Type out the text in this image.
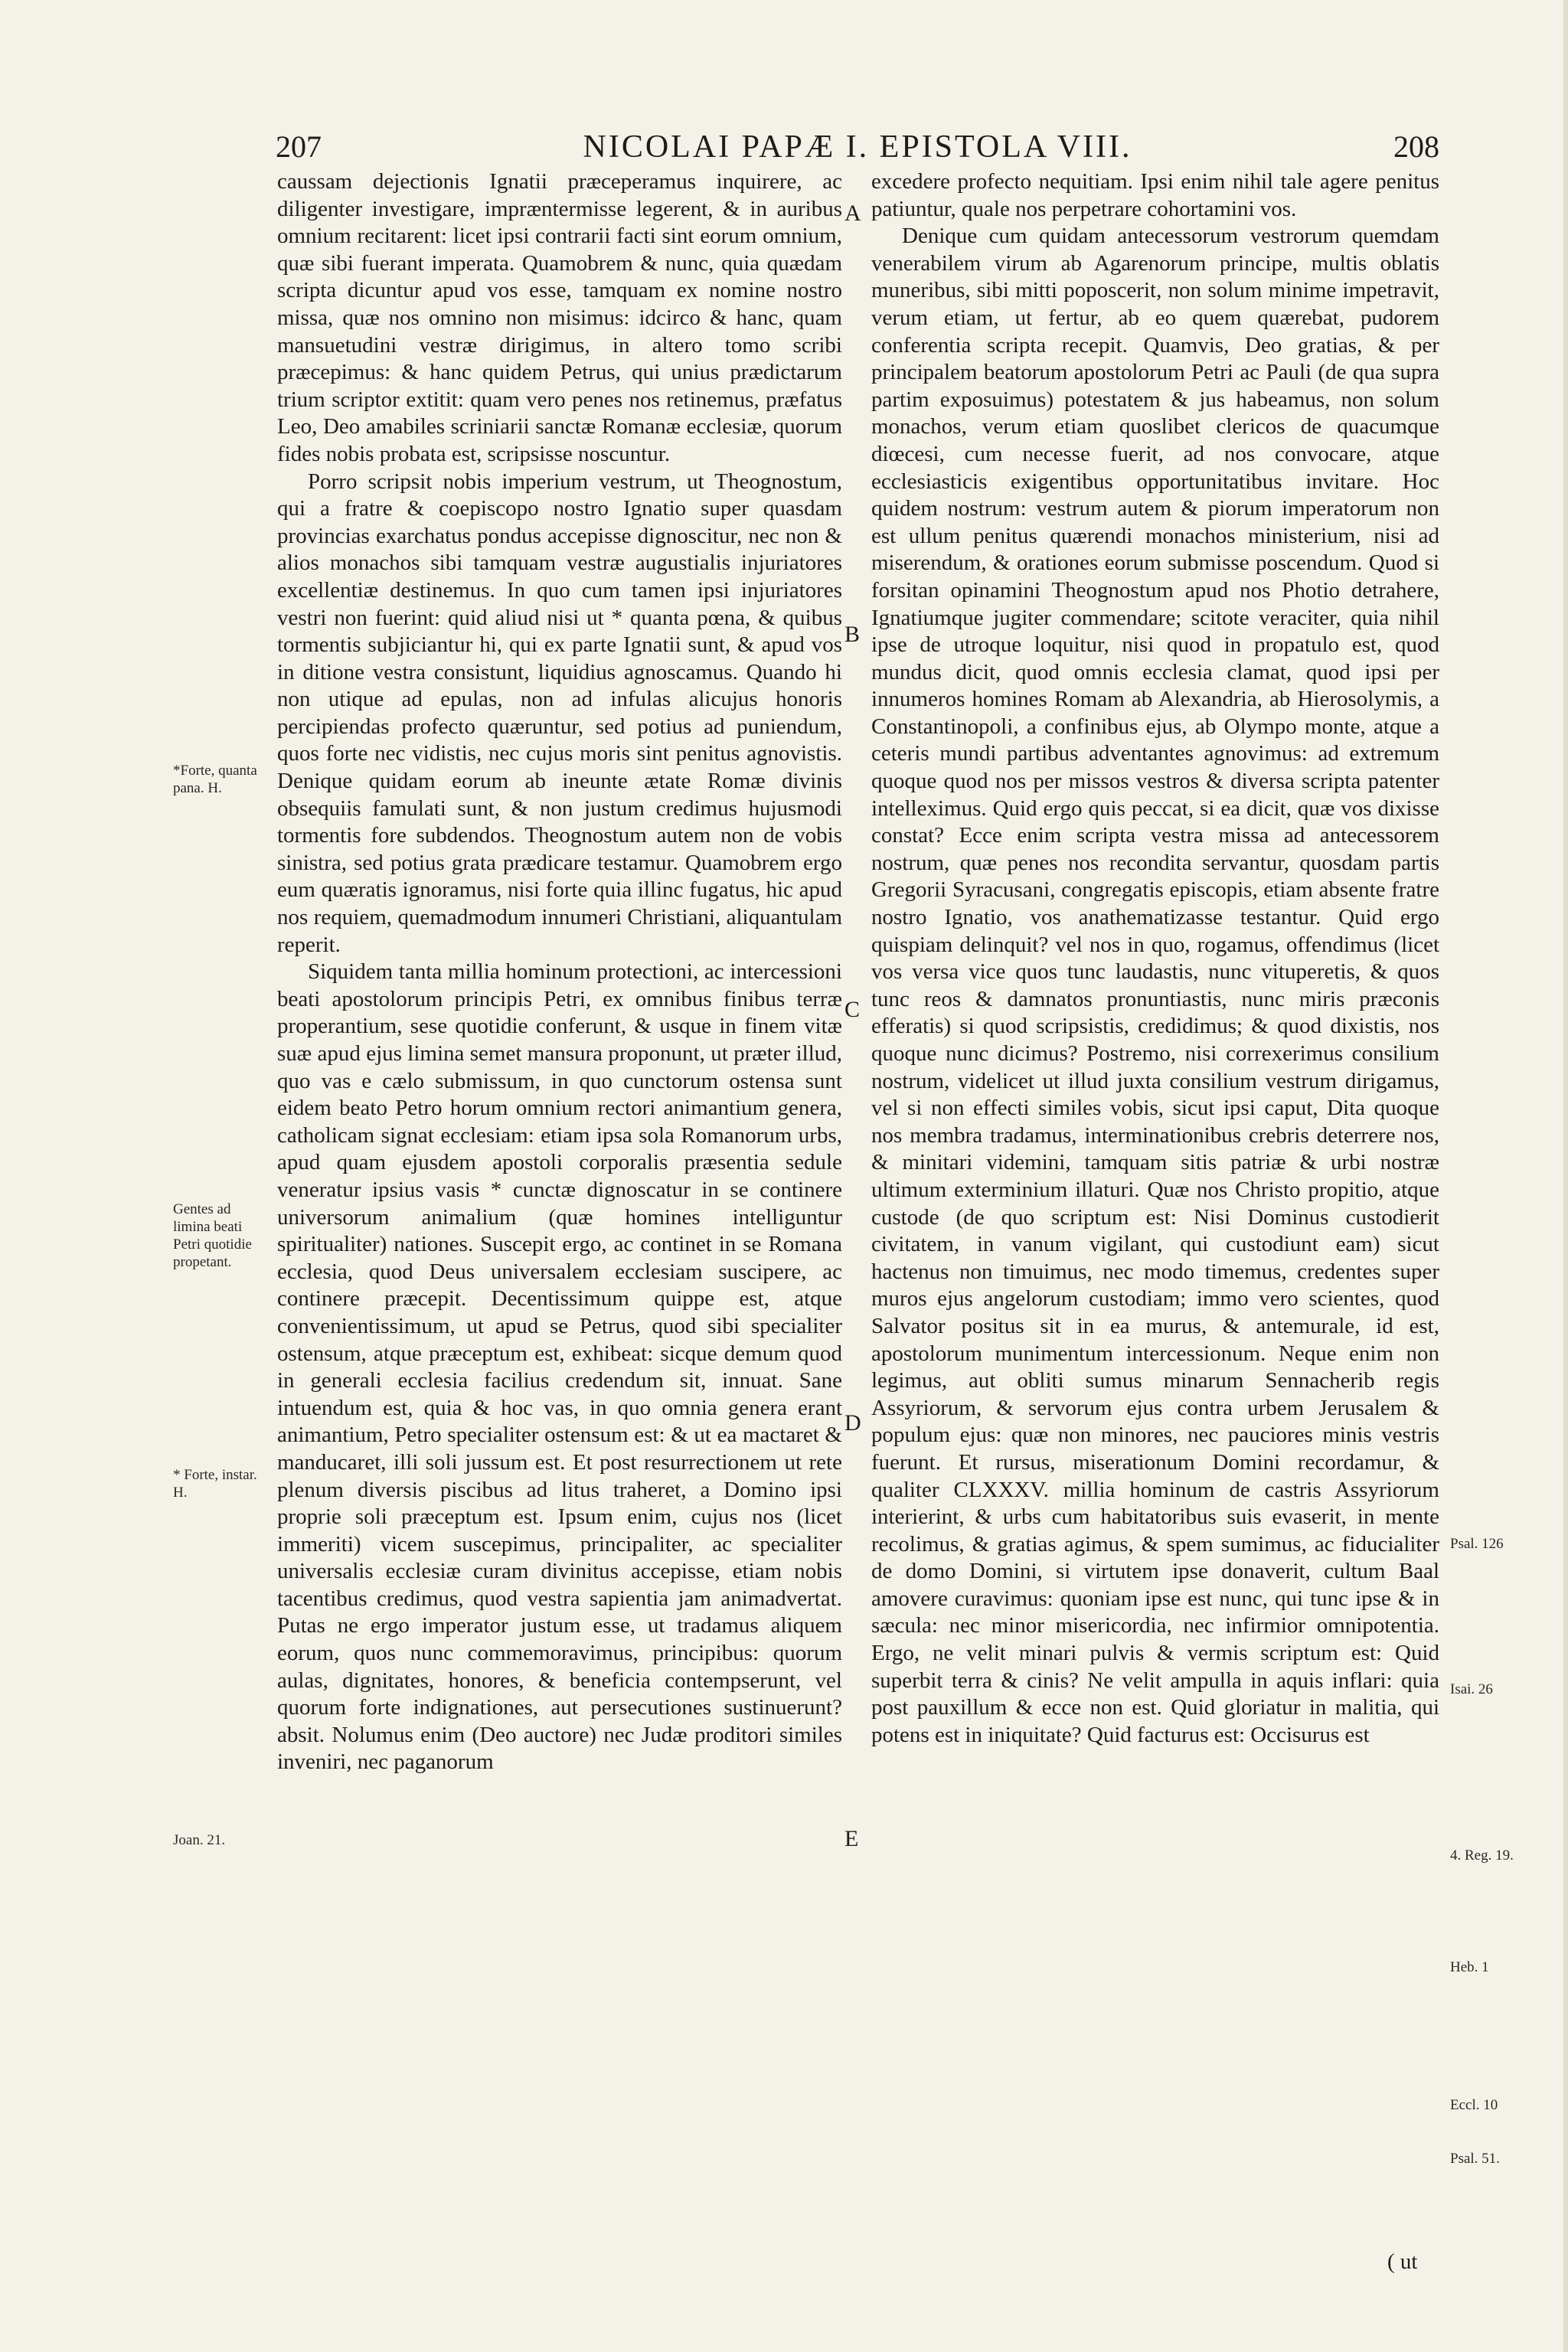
207	NICOLAI PAPÆ I. EPISTOLA VIII.	208

caussam dejectionis Ignatii præceperamus inquirere, ac diligenter investigare, impræntermisse legerent, & in auribus omnium recitarent: licet ipsi contrarii facti sint eorum omnium, quæ sibi fuerant imperata. Quamobrem & nunc, quia quædam scripta dicuntur apud vos esse, tamquam ex nomine nostro missa, quæ nos omnino non misimus: idcirco & hanc, quam mansuetudini vestræ dirigimus, in altero tomo scribi præcepimus: & hanc quidem Petrus, qui unius prædictarum trium scriptor extitit: quam vero penes nos retinemus, præfatus Leo, Deo amabiles scriniarii sanctæ Romanæ ecclesiæ, quorum fides nobis probata est, scripsisse noscuntur.

Porro scripsit nobis imperium vestrum, ut Theognostum, qui a fratre & coepiscopo nostro Ignatio super quasdam provincias exarchatus pondus accepisse dignoscitur, nec non & alios monachos sibi tamquam vestræ augustialis injuriatores excellentiæ destinemus. In quo cum tamen ipsi injuriatores vestri non fuerint: quid aliud nisi ut * quanta pœna, & quibus tormentis subjiciantur hi, qui ex parte Ignatii sunt, & apud vos in ditione vestra consistunt, liquidius agnoscamus. Quando hi non utique ad epulas, non ad infulas alicujus honoris percipiendas profecto quæruntur, sed potius ad puniendum, quos forte nec vidistis, nec cujus moris sint penitus agnovistis. Denique quidam eorum ab ineunte ætate Romæ divinis obsequiis famulati sunt, & non justum credimus hujusmodi tormentis fore subdendos. Theognostum autem non de vobis sinistra, sed potius grata prædicare testamur. Quamobrem ergo eum quæratis ignoramus, nisi forte quia illinc fugatus, hic apud nos requiem, quemadmodum innumeri Christiani, aliquantulam reperit.

Siquidem tanta millia hominum protectioni, ac intercessioni beati apostolorum principis Petri, ex omnibus finibus terræ properantium, sese quotidie conferunt, & usque in finem vitæ suæ apud ejus limina semet mansura proponunt, ut præter illud, quo vas e cælo submissum, in quo cunctorum ostensa sunt eidem beato Petro horum omnium rectori animantium genera, catholicam signat ecclesiam: etiam ipsa sola Romanorum urbs, apud quam ejusdem apostoli corporalis præsentia sedule veneratur ipsius vasis * cunctæ dignoscatur in se continere universorum animalium (quæ homines intelliguntur spiritualiter) nationes. Suscepit ergo, ac continet in se Romana ecclesia, quod Deus universalem ecclesiam suscipere, ac continere præcepit. Decentissimum quippe est, atque convenientissimum, ut apud se Petrus, quod sibi specialiter ostensum, atque præceptum est, exhibeat: sicque demum quod in generali ecclesia facilius credendum sit, innuat. Sane intuendum est, quia & hoc vas, in quo omnia genera erant animantium, Petro specialiter ostensum est: & ut ea mactaret & manducaret, illi soli jussum est. Et post resurrectionem ut rete plenum diversis piscibus ad litus traheret, a Domino ipsi proprie soli præceptum est. Ipsum enim, cujus nos (licet immeriti) vicem suscepimus, principaliter, ac specialiter universalis ecclesiæ curam divinitus accepisse, etiam nobis tacentibus credimus, quod vestra sapientia jam animadvertat. Putas ne ergo imperator justum esse, ut tradamus aliquem eorum, quos nunc commemoravimus, principibus: quorum aulas, dignitates, honores, & beneficia contempserunt, vel quorum forte indignationes, aut persecutiones sustinuerunt? absit. Nolumus enim (Deo auctore) nec Judæ proditori similes inveniri, nec paganorum

excedere profecto nequitiam. Ipsi enim nihil tale agere penitus patiuntur, quale nos perpetrare cohortamini vos.

Denique cum quidam antecessorum vestrorum quemdam venerabilem virum ab Agarenorum principe, multis oblatis muneribus, sibi mitti poposcerit, non solum minime impetravit, verum etiam, ut fertur, ab eo quem quærebat, pudorem conferentia scripta recepit. Quamvis, Deo gratias, & per principalem beatorum apostolorum Petri ac Pauli (de qua supra partim exposuimus) potestatem & jus habeamus, non solum monachos, verum etiam quoslibet clericos de quacumque diœcesi, cum necesse fuerit, ad nos convocare, atque ecclesiasticis exigentibus opportunitatibus invitare. Hoc quidem nostrum: vestrum autem & piorum imperatorum non est ullum penitus quærendi monachos ministerium, nisi ad miserendum, & orationes eorum submisse poscendum. Quod si forsitan opinamini Theognostum apud nos Photio detrahere, Ignatiumque jugiter commendare; scitote veraciter, quia nihil ipse de utroque loquitur, nisi quod in propatulo est, quod mundus dicit, quod omnis ecclesia clamat, quod ipsi per innumeros homines Romam ab Alexandria, ab Hierosolymis, a Constantinopoli, a confinibus ejus, ab Olympo monte, atque a ceteris mundi partibus adventantes agnovimus: ad extremum quoque quod nos per missos vestros & diversa scripta patenter intelleximus. Quid ergo quis peccat, si ea dicit, quæ vos dixisse constat? Ecce enim scripta vestra missa ad antecessorem nostrum, quæ penes nos recondita servantur, quosdam partis Gregorii Syracusani, congregatis episcopis, etiam absente fratre nostro Ignatio, vos anathematizasse testantur. Quid ergo quispiam delinquit? vel nos in quo, rogamus, offendimus (licet vos versa vice quos tunc laudastis, nunc vituperetis, & quos tunc reos & damnatos pronuntiastis, nunc miris præconis efferatis) si quod scripsistis, credidimus; & quod dixistis, nos quoque nunc dicimus? Postremo, nisi correxerimus consilium nostrum, videlicet ut illud juxta consilium vestrum dirigamus, vel si non effecti similes vobis, sicut ipsi caput, Dita quoque nos membra tradamus, interminationibus crebris deterrere nos, & minitari videmini, tamquam sitis patriæ & urbi nostræ ultimum exterminium illaturi. Quæ nos Christo propitio, atque custode (de quo scriptum est: Nisi Dominus custodierit civitatem, in vanum vigilant, qui custodiunt eam) sicut hactenus non timuimus, nec modo timemus, credentes super muros ejus angelorum custodiam; immo vero scientes, quod Salvator positus sit in ea murus, & antemurale, id est, apostolorum munimentum intercessionum. Neque enim non legimus, aut obliti sumus minarum Sennacherib regis Assyriorum, & servorum ejus contra urbem Jerusalem & populum ejus: quæ non minores, nec pauciores minis vestris fuerunt. Et rursus, miserationum Domini recordamur, & qualiter CLXXXV. millia hominum de castris Assyriorum interierint, & urbs cum habitatoribus suis evaserit, in mente recolimus, & gratias agimus, & spem sumimus, ac fiducialiter de domo Domini, si virtutem ipse donaverit, cultum Baal amovere curavimus: quoniam ipse est nunc, qui tunc ipse & in sæcula: nec minor misericordia, nec infirmior omnipotentia. Ergo, ne velit minari pulvis & vermis scriptum est: Quid superbit terra & cinis? Ne velit ampulla in aquis inflari: quia post pauxillum & ecce non est. Quid gloriatur in malitia, qui potens est in iniquitate? Quid facturus est: Occisurus est

A
B
C
D
E
*Forte, quanta pana. H.
Gentes ad limina beati Petri quotidie propetant.
* Forte, instar. H.
Joan. 21.
Psal. 126
Isai. 26
4. Reg. 19.
Heb. 1
Eccl. 10
Psal. 51.
( ut
